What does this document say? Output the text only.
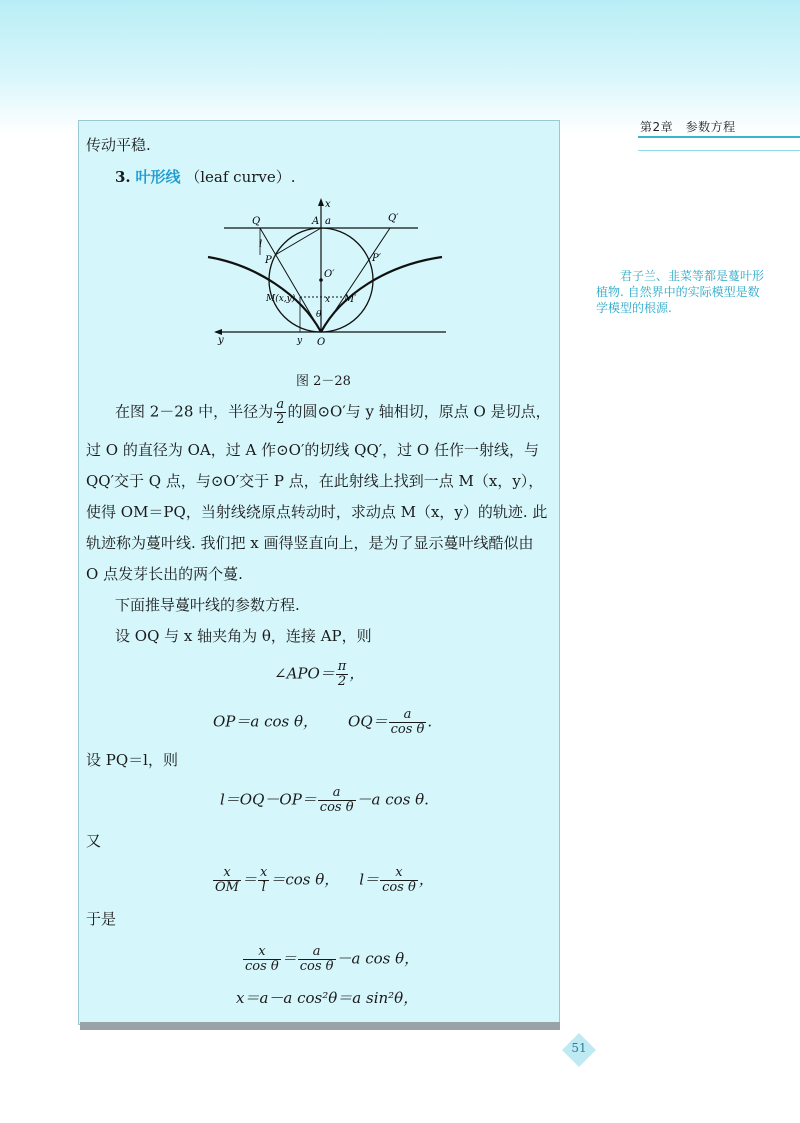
第2章　参数方程
君子兰、韭菜等都是蔓叶形植物. 自然界中的实际模型是数学模型的根源.
传动平稳.
3. 叶形线 （leaf curve）.
Q	A a	Q′
x
l
P	P′
O′
M(x,y)	x
θ
M′
y	y O
图 2－28
在图 2－28 中，半径为 $\frac{a}{2}$ 的圆⊙O′与 y 轴相切，原点 O 是切点，
过 O 的直径为 OA，过 A 作⊙O′的切线 QQ′，过 O 任作一射线，与
QQ′交于 Q 点，与⊙O′交于 P 点，在此射线上找到一点 M（x，y），
使得 OM＝PQ，当射线绕原点转动时，求动点 M（x，y）的轨迹. 此
轨迹称为蔓叶线. 我们把 x 画得竖直向上，是为了显示蔓叶线酷似由
O 点发芽长出的两个蔓.
下面推导蔓叶线的参数方程.
设 OQ 与 x 轴夹角为 θ，连接 AP，则
∠APO＝ $\frac{\pi}{2}$ ，
OP＝a cos θ， $OQ= \frac{a}{\text{cos θ}}$ .
设 PQ＝l，则
$l=OQ-OP= \frac{a}{\text{cos θ}} -a$ cos θ.
又
$\frac{x}{OM} = \frac{x}{l} =\cos$ θ， $l= \frac{x}{\text{cos θ}}$ ，
于是
$\frac{x}{\text{cos θ}} = \frac{a}{\text{cos θ}} -a$ cos θ，
x＝a－a cos²θ＝a sin²θ，
51
